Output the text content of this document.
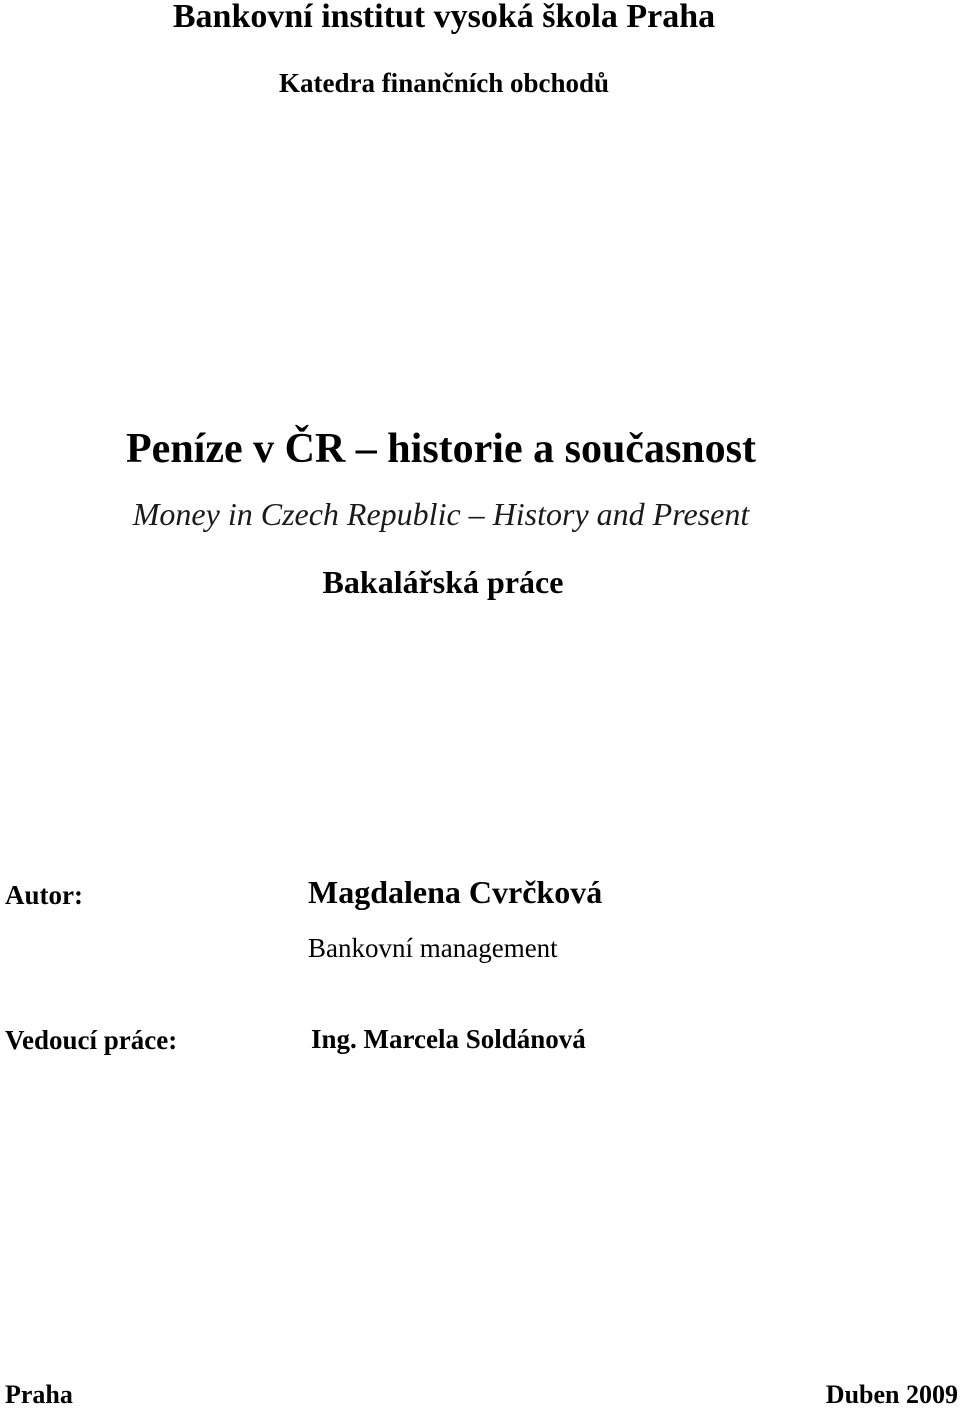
Bankovní institut vysoká škola Praha
Katedra finančních obchodů
Peníze v ČR – historie a současnost
Money in Czech Republic – History and Present
Bakalářská práce
Autor:	Magdalena Cvrčková
Bankovní management
Vedoucí práce:	Ing. Marcela Soldánová
Praha	Duben 2009
